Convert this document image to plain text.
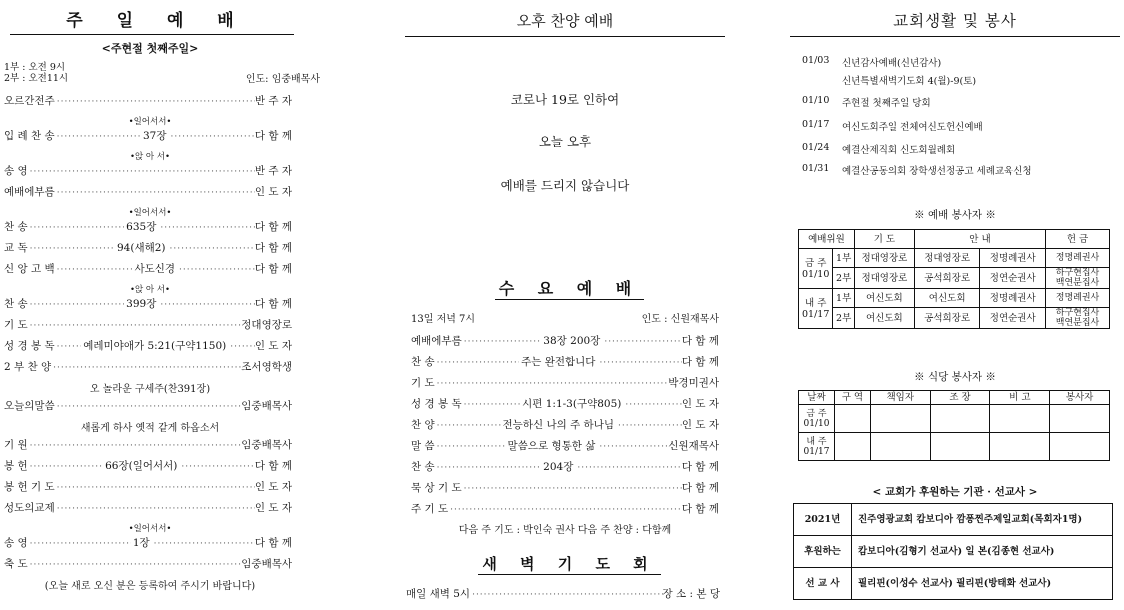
주 일 예 배
<주현절 첫째주일>
1부 : 오전 9시
2부 : 오전11시	인도: 임중배목사
오르간전주 ·····	반 주 자
•일어서서•
입 례 찬 송 ·····	37장 ·····	다 함 께
•앉 아 서•
송 영 ·····	반 주 자
예배에부름 ·····	인 도 자
•일어서서•
찬 송 ·····	635장 ·····	다 함 께
교 독 ·····	94(새해2) ·····	다 함 께
신 앙 고 백 ·····	사도신경 ·····	다 함 께
•앉 아 서•
찬 송 ·····	399장 ·····	다 함 께
기 도 ·····	정대영장로
성 경 봉 독 ·····	예레미야애가 5:21(구약1150) ·····	인 도 자
2 부 찬 양 ·····	조서영학생
오 놀라운 구세주(찬391장)
오늘의말씀 ·····	임중배목사
새롭게 하사 옛적 같게 하옵소서
기 원 ·····	임중배목사
봉 헌 ·····	66장(일어서서) ·····	다 함 께
봉 헌 기 도 ·····	인 도 자
성도의교제 ·····	인 도 자
•일어서서•
송 영 ·····	1장 ·····	다 함 께
축 도 ·····	임중배목사
(오늘 새로 오신 분은 등록하여 주시기 바랍니다)
오후 찬양 예배
코로나 19로 인하여
오늘 오후
예배를 드리지 않습니다
수 요 예 배
13일 저녁 7시	인도 : 신원재목사
예배에부름 ·····	38장 200장 ·····	다 함 께
찬 송 ·····	주는 완전합니다 ·····	다 함 께
기 도 ·····	박경미권사
성 경 봉 독 ·····	시편 1:1-3(구약805) ·····	인 도 자
찬 양 ·····	전능하신 나의 주 하나님 ·····	인 도 자
말 씀 ·····	말씀으로 형통한 삶 ·····	신원재목사
찬 송 ·····	204장 ·····	다 함 께
묵 상 기 도 ·····	다 함 께
주 기 도 ·····	다 함 께
다음 주 기도 : 박인숙 권사 다음 주 찬양 : 다함께
새 벽 기 도 회
매일 새벽 5시 ·····	장 소 : 본 당
교회생활 및 봉사
01/03	신년감사예배(신년감사)
신년특별새벽기도회 4(월)-9(토)
01/10	주현절 첫째주일 당회
01/17	여신도회주일 전체여신도헌신예배
01/24	예결산제직회 신도회월례회
01/31	예결산공동의회 장학생선정공고 세례교육신청
※ 예배 봉사자 ※
예배위원		기 도	안 내		헌 금

금 주
01/10	1부	정대영장로	정대영장로	정명례권사	정명례권사
	2부	정대영장로	공석희장로	정연순권사	하구현집사 백연분집사

내 주
01/17	1부	여신도회	여신도회	정명례권사	정명례권사
	2부	여신도회	공석희장로	정연순권사	하구현집사 백연분집사
※ 식당 봉사자 ※
날짜	구 역	책임자	조 장	비 고	봉사자
금 주 01/10					
내 주 01/17					
< 교회가 후원하는 기관 · 선교사 >
2021년	진주영광교회 캄보디아 깜퐁찐주제일교회(목회자1명)
후원하는	캄보디아(김형기 선교사) 일 본(김종현 선교사)
선 교 사	필리핀(이성수 선교사) 필리핀(방태화 선교사)
